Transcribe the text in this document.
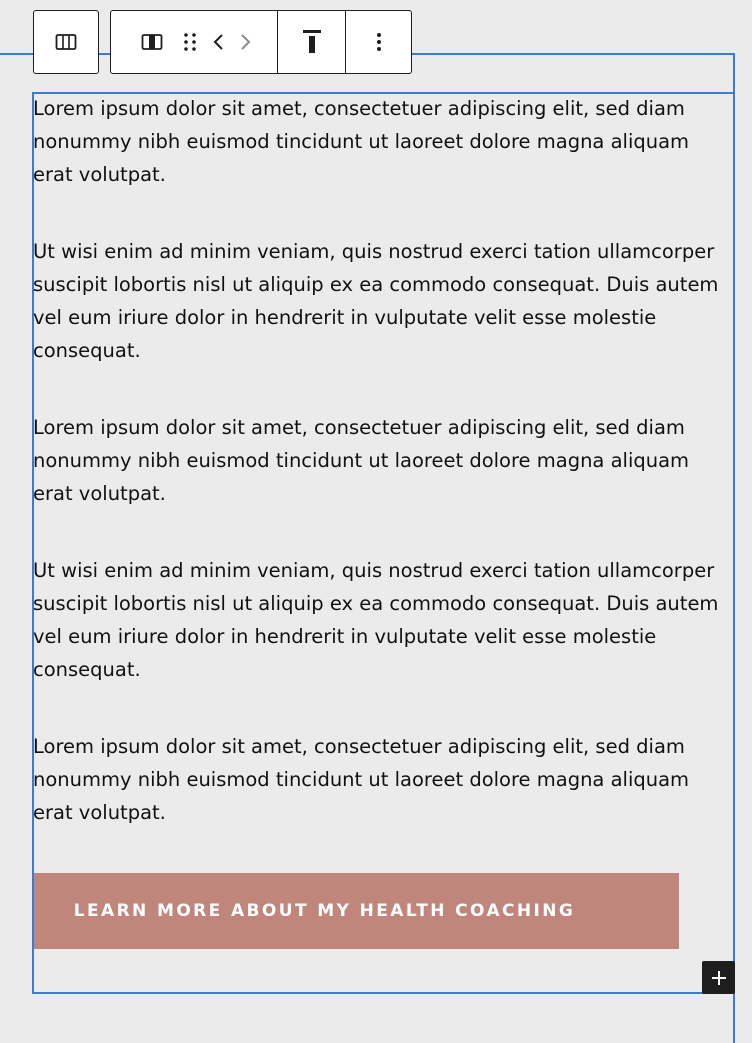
Lorem ipsum dolor sit amet, consectetuer adipiscing elit, sed diam nonummy nibh euismod tincidunt ut laoreet dolore magna aliquam erat volutpat.

Ut wisi enim ad minim veniam, quis nostrud exerci tation ullamcorper suscipit lobortis nisl ut aliquip ex ea commodo consequat. Duis autem vel eum iriure dolor in hendrerit in vulputate velit esse molestie consequat.

Lorem ipsum dolor sit amet, consectetuer adipiscing elit, sed diam nonummy nibh euismod tincidunt ut laoreet dolore magna aliquam erat volutpat.

Ut wisi enim ad minim veniam, quis nostrud exerci tation ullamcorper suscipit lobortis nisl ut aliquip ex ea commodo consequat. Duis autem vel eum iriure dolor in hendrerit in vulputate velit esse molestie consequat.

Lorem ipsum dolor sit amet, consectetuer adipiscing elit, sed diam nonummy nibh euismod tincidunt ut laoreet dolore magna aliquam erat volutpat.

LEARN MORE ABOUT MY HEALTH COACHING
